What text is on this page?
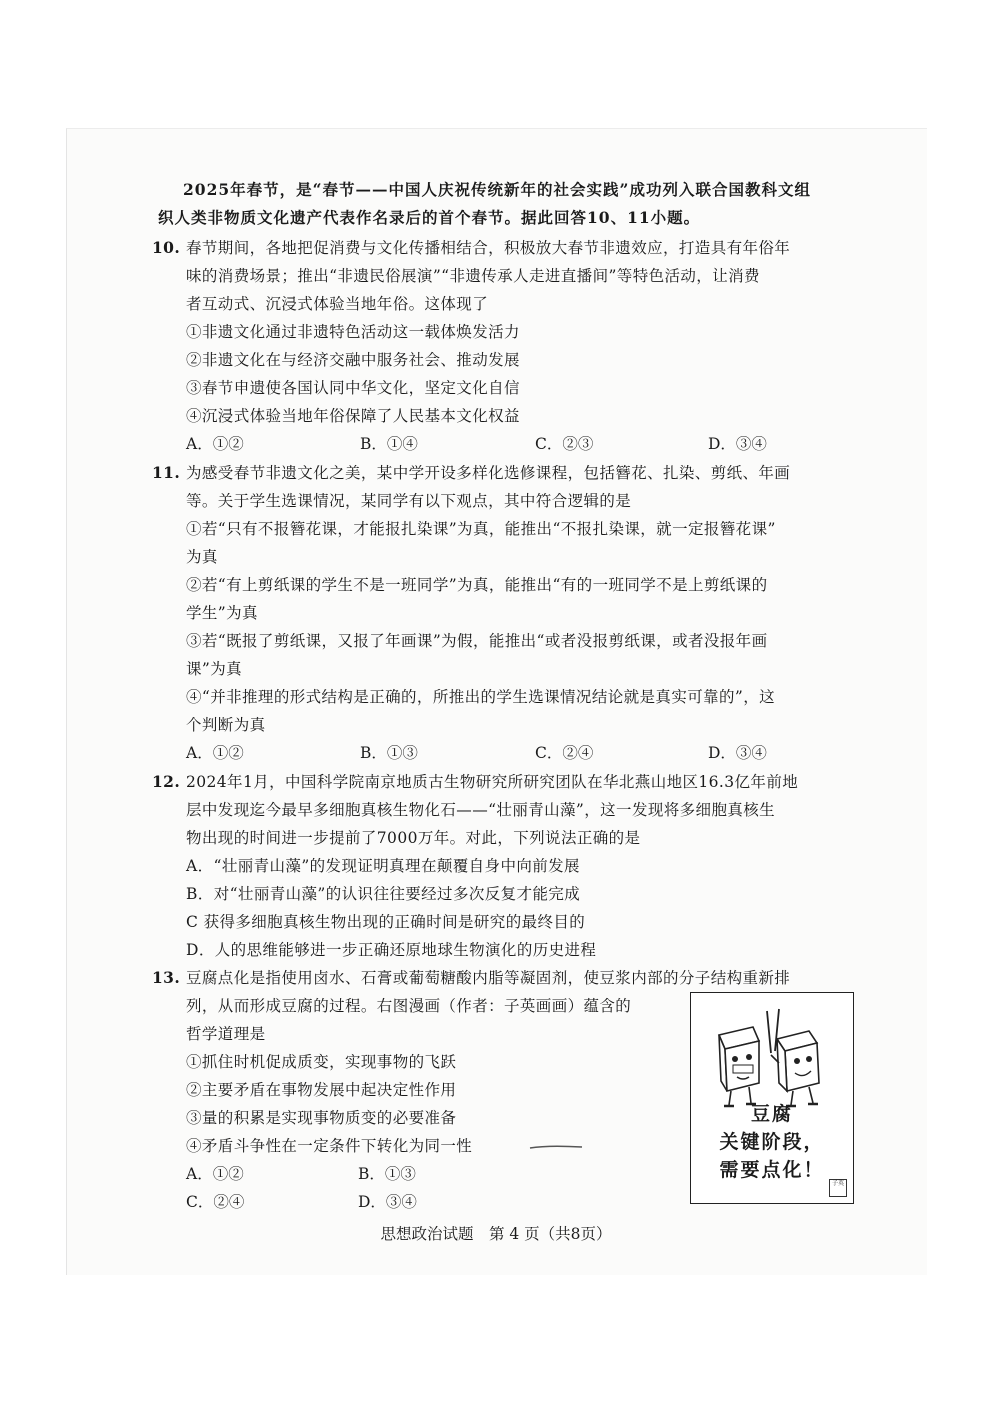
2025年春节，是“春节——中国人庆祝传统新年的社会实践”成功列入联合国教科文组
织人类非物质文化遗产代表作名录后的首个春节。据此回答10、11小题。
10. 春节期间，各地把促消费与文化传播相结合，积极放大春节非遗效应，打造具有年俗年
味的消费场景；推出“非遗民俗展演”“非遗传承人走进直播间”等特色活动，让消费
者互动式、沉浸式体验当地年俗。这体现了
①非遗文化通过非遗特色活动这一载体焕发活力
②非遗文化在与经济交融中服务社会、推动发展
③春节申遗使各国认同中华文化，坚定文化自信
④沉浸式体验当地年俗保障了人民基本文化权益
A．①②	B．①④	C．②③	D．③④
11. 为感受春节非遗文化之美，某中学开设多样化选修课程，包括簪花、扎染、剪纸、年画
等。关于学生选课情况，某同学有以下观点，其中符合逻辑的是
①若“只有不报簪花课，才能报扎染课”为真，能推出“不报扎染课，就一定报簪花课”
为真
②若“有上剪纸课的学生不是一班同学”为真，能推出“有的一班同学不是上剪纸课的
学生”为真
③若“既报了剪纸课，又报了年画课”为假，能推出“或者没报剪纸课，或者没报年画
课”为真
④“并非推理的形式结构是正确的，所推出的学生选课情况结论就是真实可靠的”，这
个判断为真
A．①②	B．①③	C．②④	D．③④
12. 2024年1月，中国科学院南京地质古生物研究所研究团队在华北燕山地区16.3亿年前地
层中发现迄今最早多细胞真核生物化石——“壮丽青山藻”，这一发现将多细胞真核生
物出现的时间进一步提前了7000万年。对此，下列说法正确的是
A．“壮丽青山藻”的发现证明真理在颠覆自身中向前发展
B．对“壮丽青山藻”的认识往往要经过多次反复才能完成
C 获得多细胞真核生物出现的正确时间是研究的最终目的
D．人的思维能够进一步正确还原地球生物演化的历史进程
13. 豆腐点化是指使用卤水、石膏或葡萄糖酸内脂等凝固剂，使豆浆内部的分子结构重新排
列，从而形成豆腐的过程。右图漫画（作者：子英画画）蕴含的
哲学道理是
①抓住时机促成质变，实现事物的飞跃
②主要矛盾在事物发展中起决定性作用
③量的积累是实现事物质变的必要准备
④矛盾斗争性在一定条件下转化为同一性
A．①②	B．①③
C．②④	D．③④
豆腐
关键阶段，
需要点化！
子英
思想政治试题　第 4 页（共8页）
